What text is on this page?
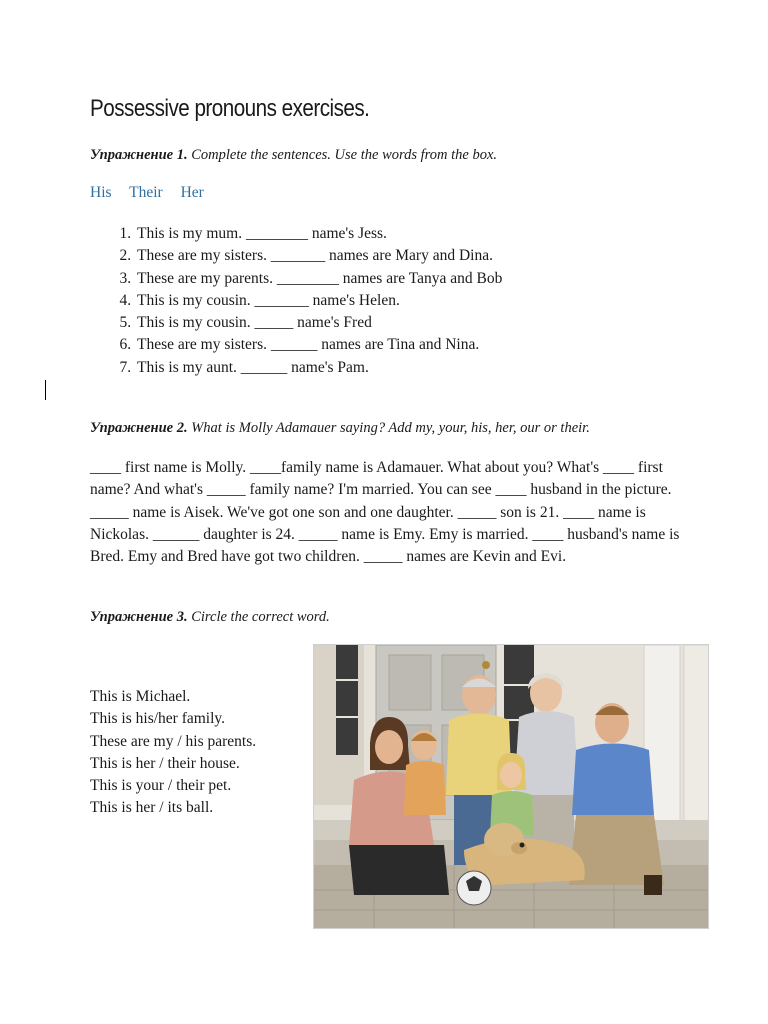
Possessive pronouns exercises.
Упражнение 1. Complete the sentences. Use the words from the box.
His Their Her
1. This is my mum. ________ name's Jess.
2. These are my sisters. _______ names are Mary and Dina.
3. These are my parents. ________ names are Tanya and Bob
4. This is my cousin. _______ name's Helen.
5. This is my cousin. _____ name's Fred
6. These are my sisters. ______ names are Tina and Nina.
7. This is my aunt. ______ name's Pam.
Упражнение 2. What is Molly Adamauer saying? Add my, your, his, her, our or their.

____ first name is Molly. ____family name is Adamauer. What about you? What's ____ first name? And what's _____ family name? I'm married. You can see ____ husband in the picture. _____ name is Aisek. We've got one son and one daughter. _____ son is 21. ____ name is Nickolas. ______ daughter is 24. _____ name is Emy. Emy is married. ____ husband's name is Bred. Emy and Bred have got two children. _____ names are Kevin and Evi.

Упражнение 3. Circle the correct word.
This is Michael.
This is his/her family.
These are my / his parents.
This is her / their house.
This is your / their pet.
This is her / its ball.
